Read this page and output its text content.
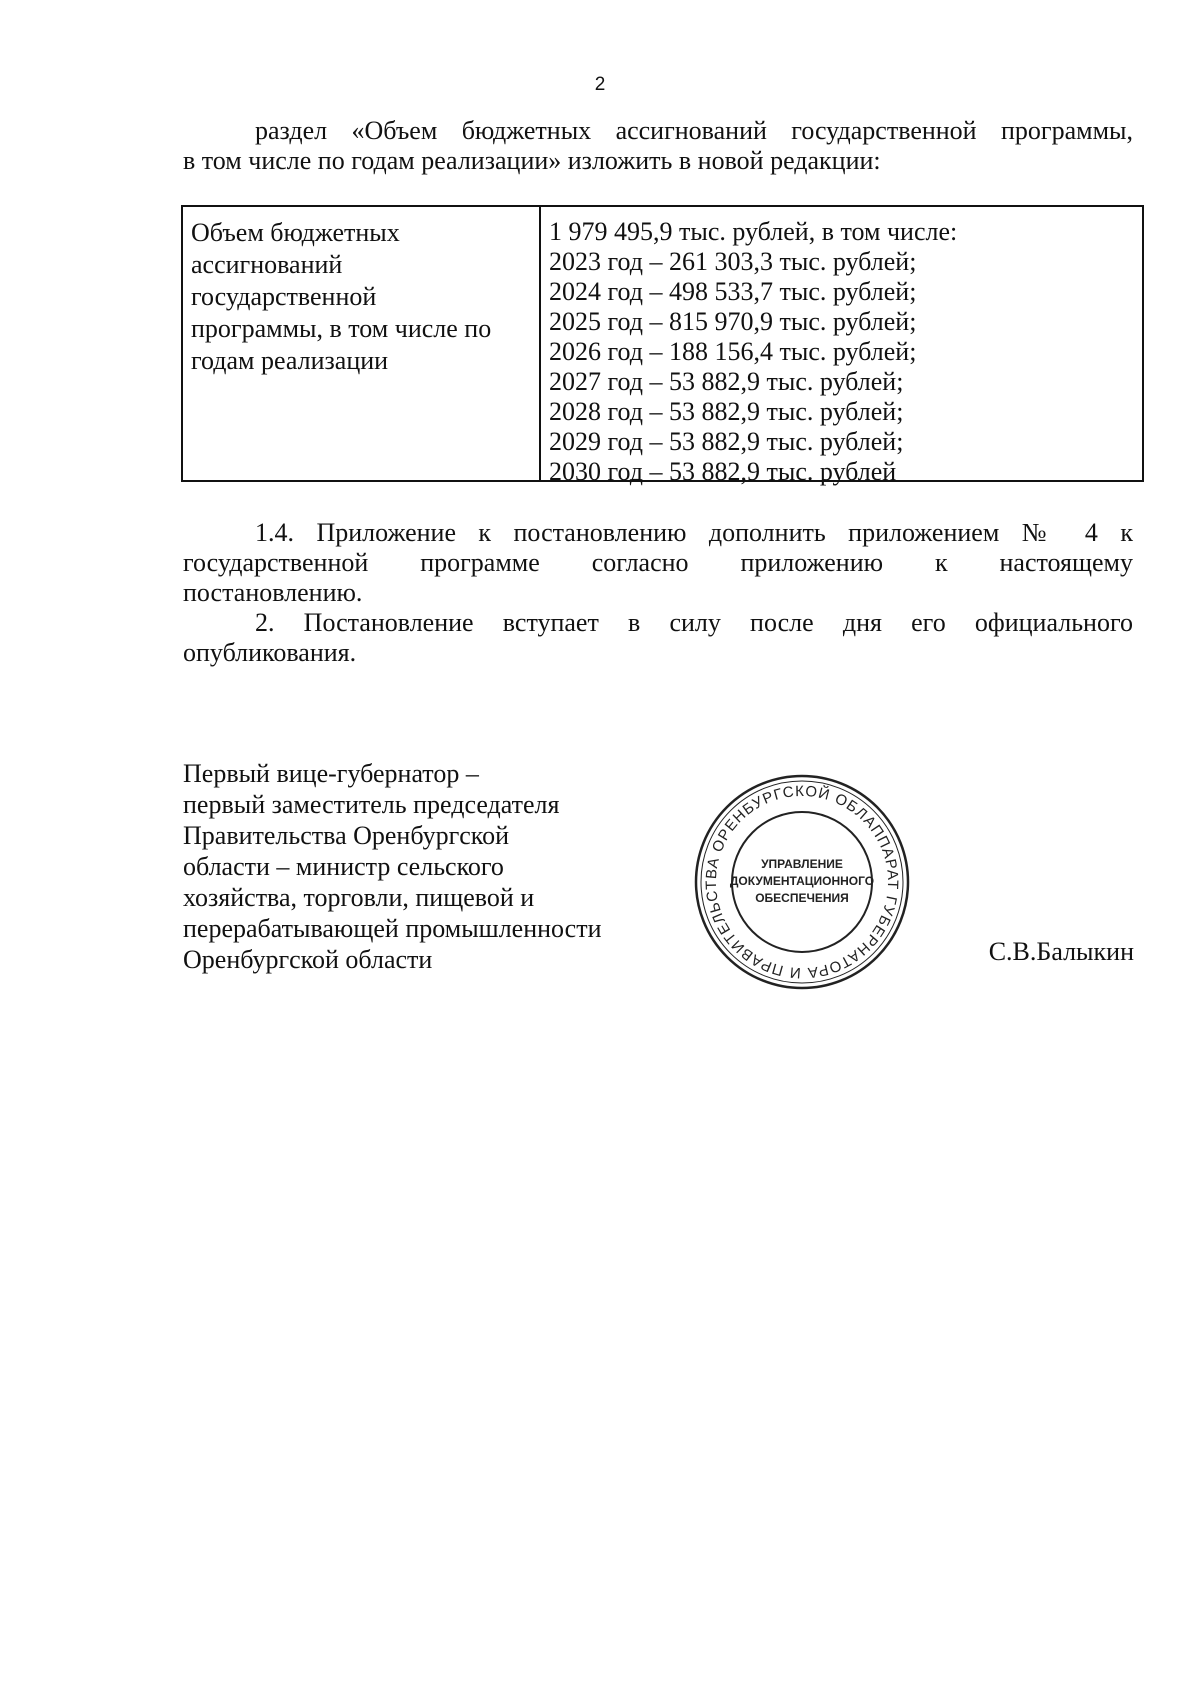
2
раздел «Объем бюджетных ассигнований государственной программы,
в том числе по годам реализации» изложить в новой редакции:
Объем бюджетных
ассигнований
государственной
программы, в том числе по
годам реализации
1 979 495,9 тыс. рублей, в том числе:
2023 год – 261 303,3 тыс. рублей;
2024 год – 498 533,7 тыс. рублей;
2025 год – 815 970,9 тыс. рублей;
2026 год – 188 156,4 тыс. рублей;
2027 год – 53 882,9 тыс. рублей;
2028 год – 53 882,9 тыс. рублей;
2029 год – 53 882,9 тыс. рублей;
2030 год – 53 882,9 тыс. рублей
1.4. Приложение к постановлению дополнить приложением № 4 к
государственной программе согласно приложению к настоящему
постановлению.
2. Постановление вступает в силу после дня его официального
опубликования.
Первый вице-губернатор –
первый заместитель председателя
Правительства Оренбургской
области – министр сельского
хозяйства, торговли, пищевой и
перерабатывающей промышленности
Оренбургской области
АППАРАТ ГУБЕРНАТОРА И ПРАВИТЕЛЬСТВА ОРЕНБУРГСКОЙ ОБЛ
УПРАВЛЕНИЕ
ДОКУМЕНТАЦИОННОГО
ОБЕСПЕЧЕНИЯ
С.В.Балыкин
